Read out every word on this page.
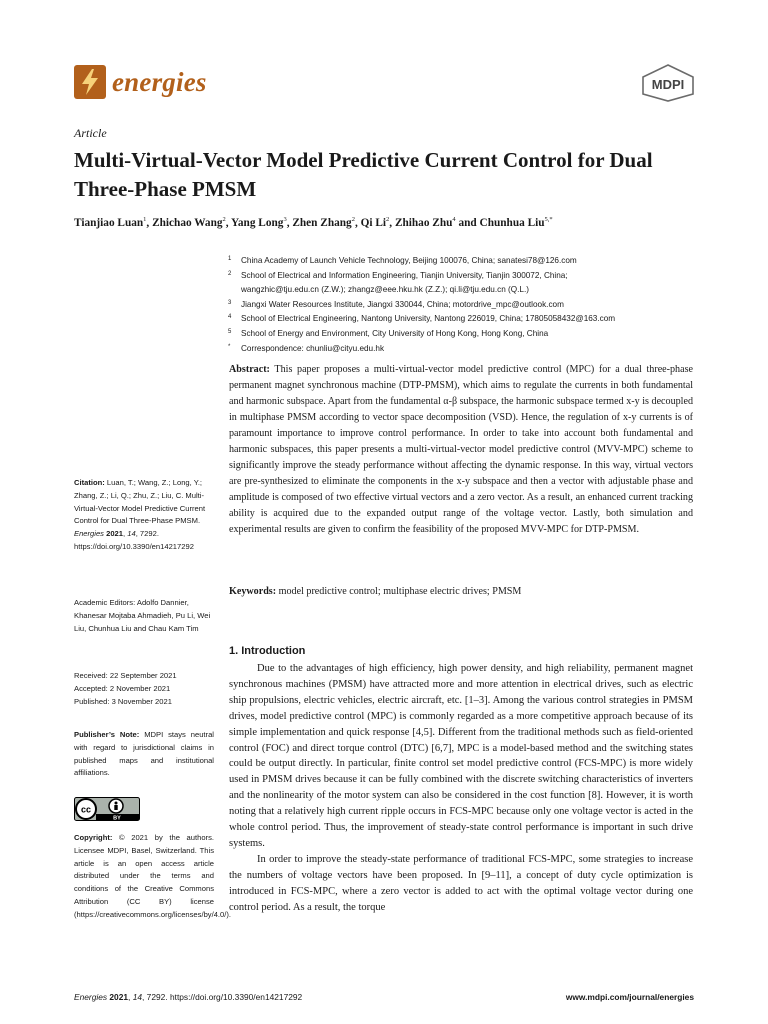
energies	MDPI
Article
Multi-Virtual-Vector Model Predictive Current Control for Dual Three-Phase PMSM
Tianjiao Luan$^1$, Zhichao Wang$^2$, Yang Long$^3$, Zhen Zhang$^2$, Qi Li$^2$, Zhihao Zhu$^4$ and Chunhua Liu$^{5,*}$
1 China Academy of Launch Vehicle Technology, Beijing 100076, China; sanatesi78@126.com
2 School of Electrical and Information Engineering, Tianjin University, Tianjin 300072, China;
wangzhic@tju.edu.cn (Z.W.); zhangz@eee.hku.hk (Z.Z.); qi.li@tju.edu.cn (Q.L.)
3 Jiangxi Water Resources Institute, Jiangxi 330044, China; motordrive_mpc@outlook.com
4 School of Electrical Engineering, Nantong University, Nantong 226019, China; 17805058432@163.com
5 School of Energy and Environment, City University of Hong Kong, Hong Kong, China
* Correspondence: chunliu@cityu.edu.hk
Abstract: This paper proposes a multi-virtual-vector model predictive control (MPC) for a dual three-phase permanent magnet synchronous machine (DTP-PMSM), which aims to regulate the currents in both fundamental and harmonic subspace. Apart from the fundamental α-β subspace, the harmonic subspace termed x-y is decoupled in multiphase PMSM according to vector space decomposition (VSD). Hence, the regulation of x-y currents is of paramount importance to improve control performance. In order to take into account both fundamental and harmonic subspaces, this paper presents a multi-virtual-vector model predictive control (MVV-MPC) scheme to significantly improve the steady performance without affecting the dynamic response. In this way, virtual vectors are pre-synthesized to eliminate the components in the x-y subspace and then a vector with adjustable phase and amplitude is composed of two effective virtual vectors and a zero vector. As a result, an enhanced current tracking ability is acquired due to the expanded output range of the voltage vector. Lastly, both simulation and experimental results are given to confirm the feasibility of the proposed MVV-MPC for DTP-PMSM.
Keywords: model predictive control; multiphase electric drives; PMSM
Citation: Luan, T.; Wang, Z.; Long, Y.; Zhang, Z.; Li, Q.; Zhu, Z.; Liu, C. Multi-Virtual-Vector Model Predictive Current Control for Dual Three-Phase PMSM. Energies 2021, 14, 7292. https://doi.org/10.3390/en14217292
Academic Editors: Adolfo Dannier, Khanesar Mojtaba Ahmadieh, Pu Li, Wei Liu, Chunhua Liu and Chau Kam Tim
Received: 22 September 2021
Accepted: 2 November 2021
Published: 3 November 2021
Publisher’s Note: MDPI stays neutral with regard to jurisdictional claims in published maps and institutional affiliations.
cc
BY
Copyright: © 2021 by the authors. Licensee MDPI, Basel, Switzerland. This article is an open access article distributed under the terms and conditions of the Creative Commons Attribution (CC BY) license (https://creativecommons.org/licenses/by/4.0/).
1. Introduction

Due to the advantages of high efficiency, high power density, and high reliability, permanent magnet synchronous machines (PMSM) have attracted more and more attention in electrical drives, such as electric ship propulsions, electric vehicles, electric aircraft, etc. [1–3]. Among the various control strategies in PMSM drives, model predictive control (MPC) is commonly regarded as a more competitive approach because of its simple implementation and quick response [4,5]. Different from the traditional methods such as field-oriented control (FOC) and direct torque control (DTC) [6,7], MPC is a model-based method and the switching states could be output directly. In particular, finite control set model predictive control (FCS-MPC) is more widely used in PMSM drives because it can be fully combined with the discrete switching characteristics of inverters and the nonlinearity of the motor system can also be considered in the cost function [8]. However, it is worth noting that a relatively high current ripple occurs in FCS-MPC because only one voltage vector is acted in the whole control period. Thus, the improvement of steady-state control performance is important in such drive systems.

In order to improve the steady-state performance of traditional FCS-MPC, some strategies to increase the numbers of voltage vectors have been proposed. In [9–11], a concept of duty cycle optimization is introduced in FCS-MPC, where a zero vector is added to act with the optimal voltage vector during one control period. As a result, the torque

Energies 2021, 14, 7292. https://doi.org/10.3390/en14217292	www.mdpi.com/journal/energies
